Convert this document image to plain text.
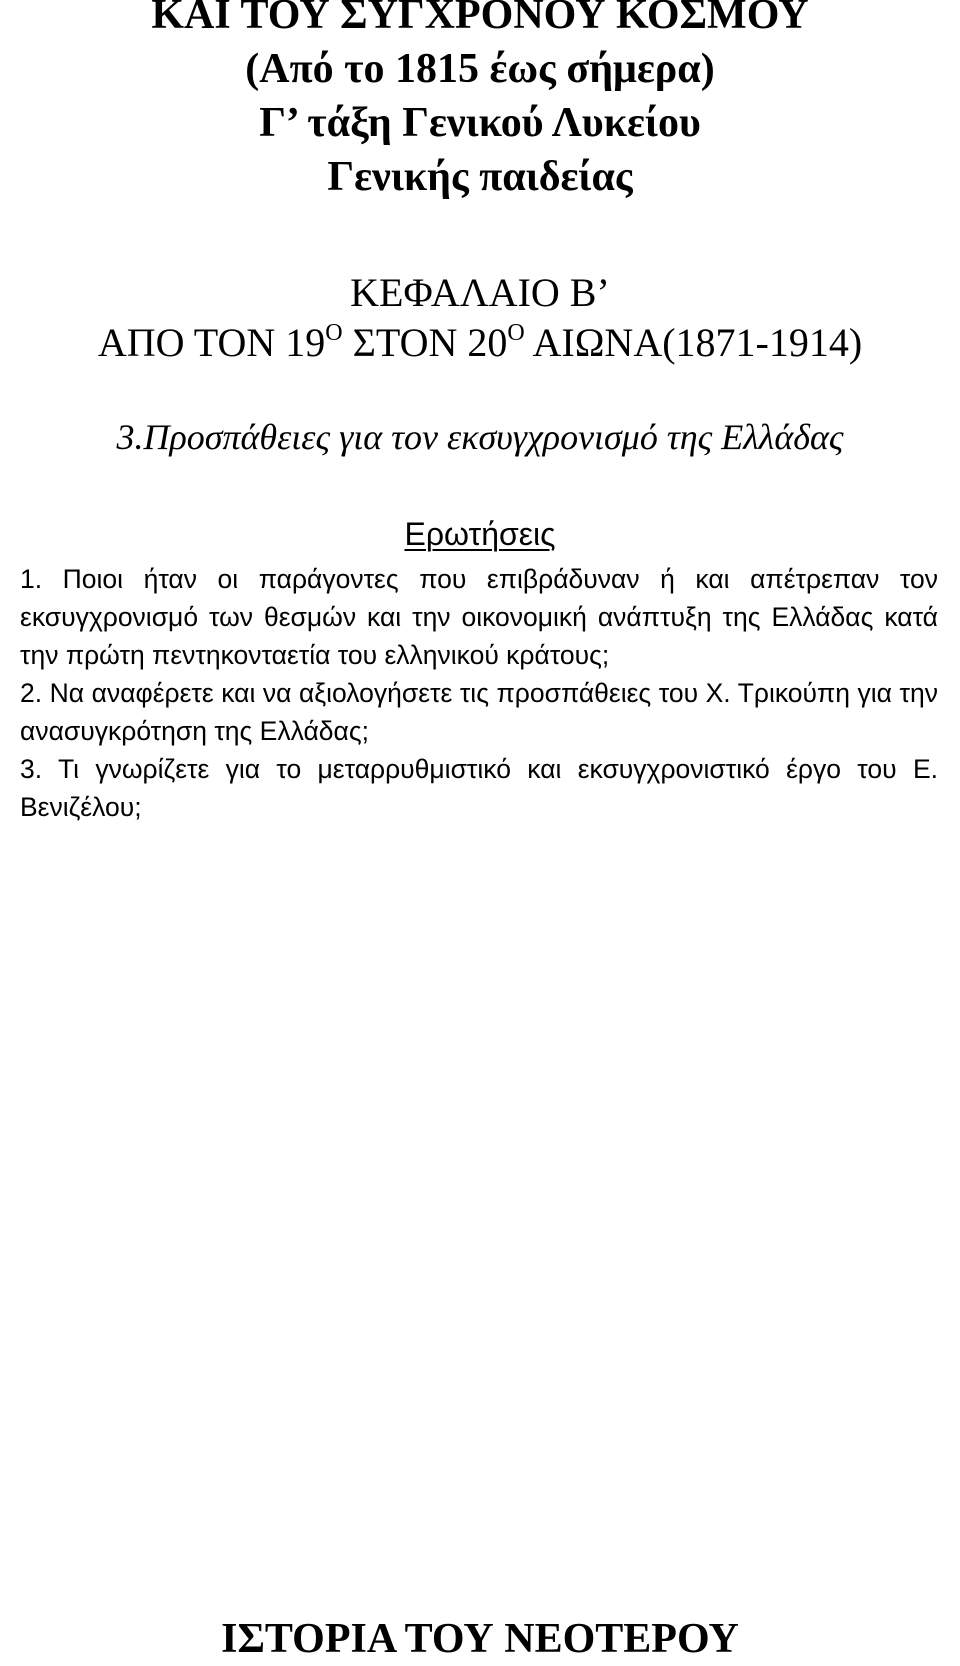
ΚΑΙ ΤΟΥ ΣΥΓΧΡΟΝΟΥ ΚΟΣΜΟΥ
(Από το 1815 έως σήμερα)
Γ’ τάξη Γενικού Λυκείου
Γενικής παιδείας
ΚΕΦΑΛΑΙΟ Β’
ΑΠΟ ΤΟΝ $19^O$ ΣΤΟΝ $20^O$ ΑΙΩΝΑ(1871-1914)
3.Προσπάθειες για τον εκσυγχρονισμό της Ελλάδας
Ερωτήσεις

1. Ποιοι ήταν οι παράγοντες που επιβράδυναν ή και απέτρεπαν τον εκσυγχρονισμό των θεσμών και την οικονομική ανάπτυξη της Ελλάδας κατά την πρώτη πεντηκονταετία του ελληνικού κράτους;

2. Να αναφέρετε και να αξιολογήσετε τις προσπάθειες του Χ. Τρικούπη για την ανασυγκρότηση της Ελλάδας;

3. Τι γνωρίζετε για το μεταρρυθμιστικό και εκσυγχρονιστικό έργο του Ε. Βενιζέλου;

ΙΣΤΟΡΙΑ ΤΟΥ ΝΕΟΤΕΡΟΥ
